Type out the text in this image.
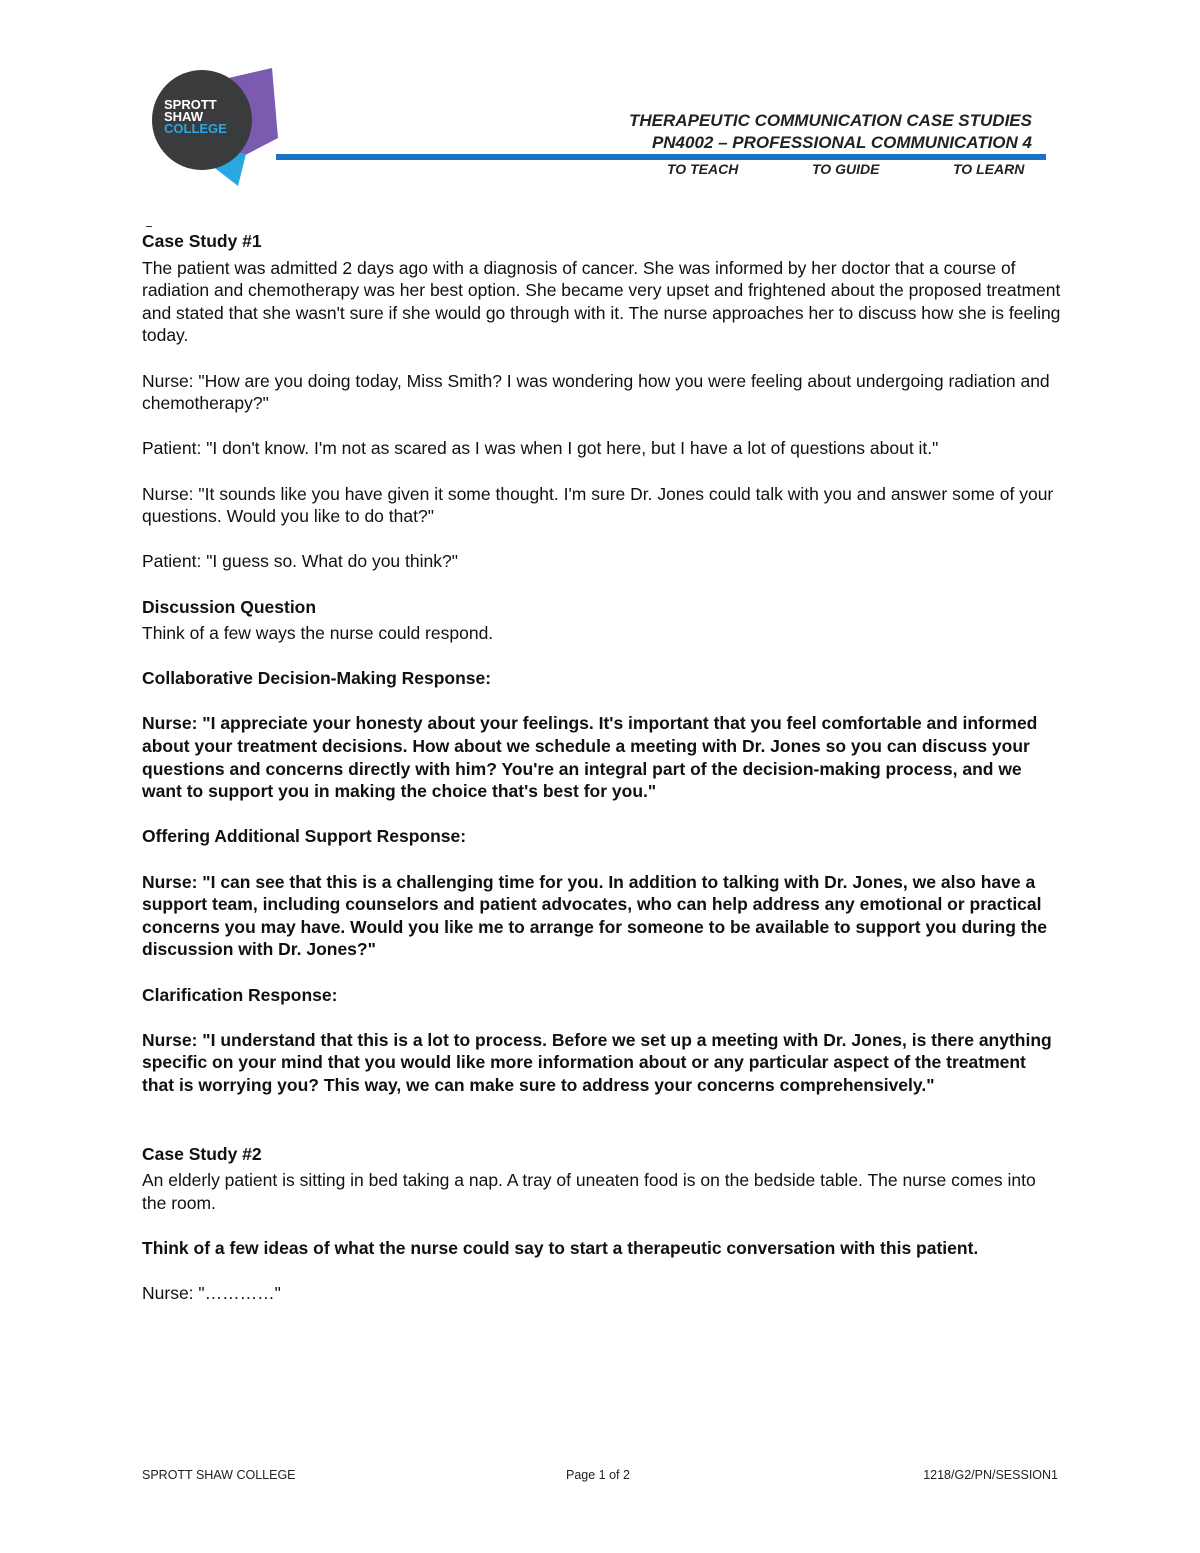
SPROTT
SHAW
COLLEGE	THERAPEUTIC COMMUNICATION CASE STUDIES
PN4002 – PROFESSIONAL COMMUNICATION 4
TO TEACH	TO GUIDE	TO LEARN
Case Study #1

The patient was admitted 2 days ago with a diagnosis of cancer. She was informed by her doctor that a course of radiation and chemotherapy was her best option. She became very upset and frightened about the proposed treatment and stated that she wasn't sure if she would go through with it. The nurse approaches her to discuss how she is feeling today.

Nurse: "How are you doing today, Miss Smith? I was wondering how you were feeling about undergoing radiation and chemotherapy?"

Patient: "I don't know. I'm not as scared as I was when I got here, but I have a lot of questions about it."

Nurse: "It sounds like you have given it some thought. I'm sure Dr. Jones could talk with you and answer some of your questions. Would you like to do that?"

Patient: "I guess so. What do you think?"

Discussion Question

Think of a few ways the nurse could respond.

Collaborative Decision-Making Response:

Nurse: "I appreciate your honesty about your feelings. It's important that you feel comfortable and informed about your treatment decisions. How about we schedule a meeting with Dr. Jones so you can discuss your questions and concerns directly with him? You're an integral part of the decision-making process, and we want to support you in making the choice that's best for you."

Offering Additional Support Response:

Nurse: "I can see that this is a challenging time for you. In addition to talking with Dr. Jones, we also have a support team, including counselors and patient advocates, who can help address any emotional or practical concerns you may have. Would you like me to arrange for someone to be available to support you during the discussion with Dr. Jones?"

Clarification Response:

Nurse: "I understand that this is a lot to process. Before we set up a meeting with Dr. Jones, is there anything specific on your mind that you would like more information about or any particular aspect of the treatment that is worrying you? This way, we can make sure to address your concerns comprehensively."

Case Study #2

An elderly patient is sitting in bed taking a nap. A tray of uneaten food is on the bedside table. The nurse comes into the room.

Think of a few ideas of what the nurse could say to start a therapeutic conversation with this patient.

Nurse: "…………"

SPROTT SHAW COLLEGE	Page 1 of 2	1218/G2/PN/SESSION1
